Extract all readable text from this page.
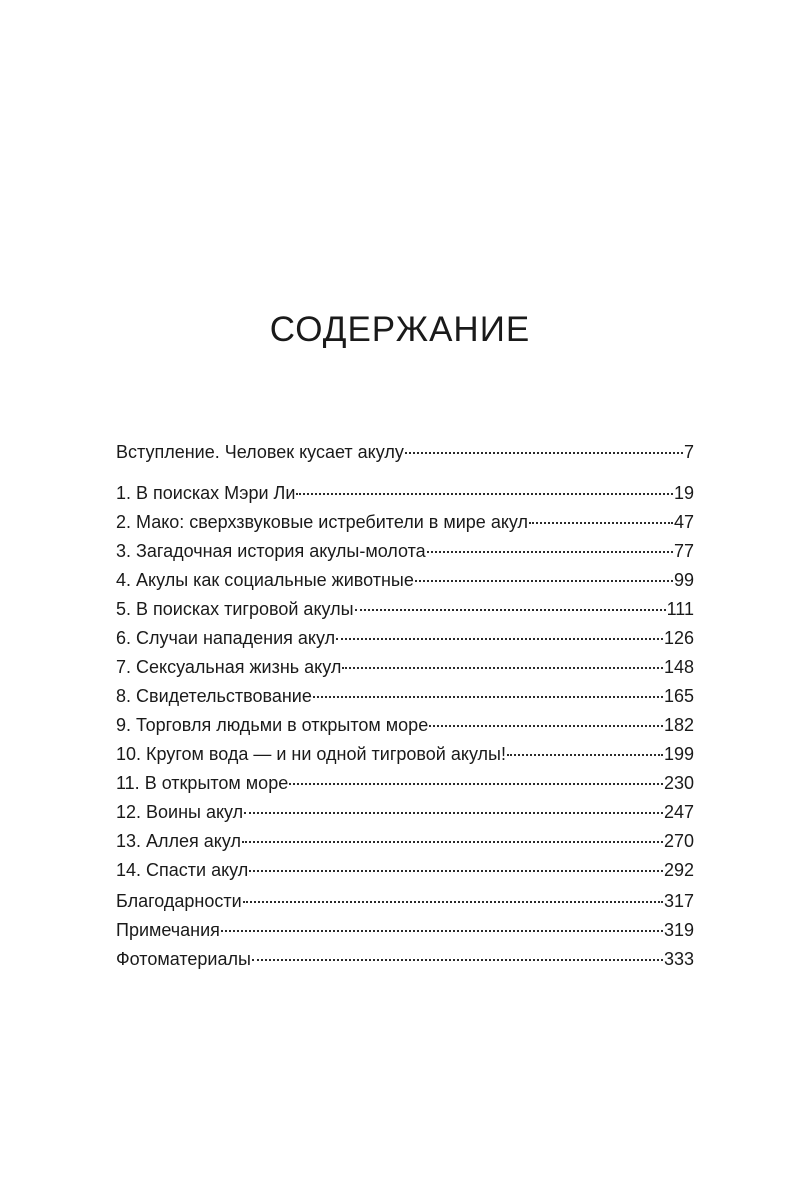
СОДЕРЖАНИЕ
Вступление. Человек кусает акулу	7
1. В поисках Мэри Ли	19
2. Мако: сверхзвуковые истребители в мире акул	47
3. Загадочная история акулы-молота	77
4. Акулы как социальные животные	99
5. В поисках тигровой акулы	111
6. Случаи нападения акул	126
7. Сексуальная жизнь акул	148
8. Свидетельствование	165
9. Торговля людьми в открытом море	182
10. Кругом вода — и ни одной тигровой акулы!	199
11. В открытом море	230
12. Воины акул	247
13. Аллея акул	270
14. Спасти акул	292
Благодарности	317
Примечания	319
Фотоматериалы	333
